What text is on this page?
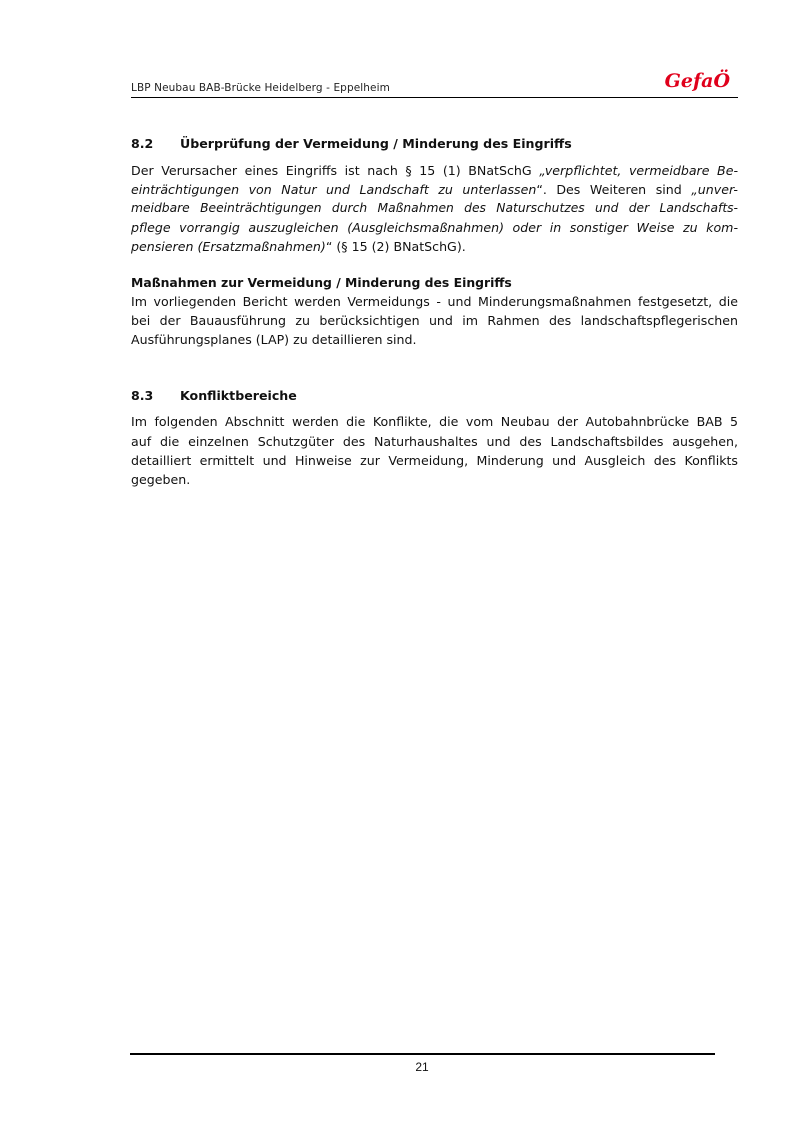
LBP Neubau BAB-Brücke Heidelberg - Eppelheim	GefaÖ
8.2 Überprüfung der Vermeidung / Minderung des Eingriffs
Der Verursacher eines Eingriffs ist nach § 15 (1) BNatSchG „verpflichtet, vermeidbare Be-
einträchtigungen von Natur und Landschaft zu unterlassen“. Des Weiteren sind „unver-
meidbare Beeinträchtigungen durch Maßnahmen des Naturschutzes und der Landschafts-
pflege vorrangig auszugleichen (Ausgleichsmaßnahmen) oder in sonstiger Weise zu kom-
pensieren (Ersatzmaßnahmen)“ (§ 15 (2) BNatSchG).
Maßnahmen zur Vermeidung / Minderung des Eingriffs
Im vorliegenden Bericht werden Vermeidungs - und Minderungsmaßnahmen festgesetzt, die
bei der Bauausführung zu berücksichtigen und im Rahmen des landschaftspflegerischen
Ausführungsplanes (LAP) zu detaillieren sind.
8.3 Konfliktbereiche
Im folgenden Abschnitt werden die Konflikte, die vom Neubau der Autobahnbrücke BAB 5
auf die einzelnen Schutzgüter des Naturhaushaltes und des Landschaftsbildes ausgehen,
detailliert ermittelt und Hinweise zur Vermeidung, Minderung und Ausgleich des Konflikts
gegeben.
21
